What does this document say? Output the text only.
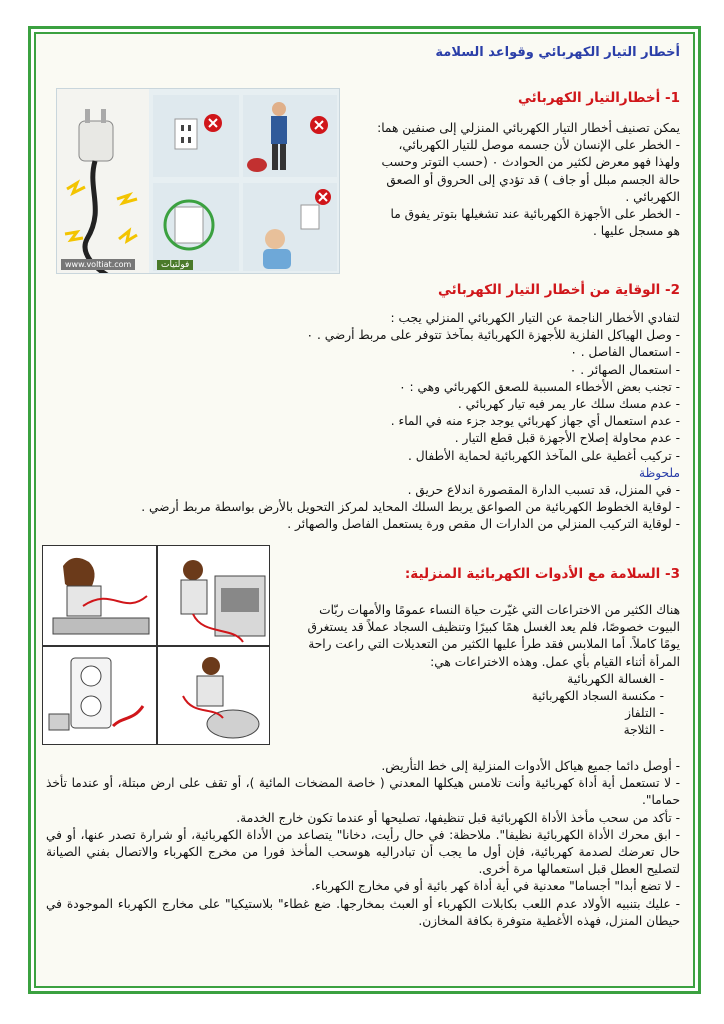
www.voltiat.com	فولتيات
أخطار التيار الكهربائي وقواعد السلامة
1- أخطارالتيار الكهربائي
يمكن تصنيف أخطار التيار الكهربائي المنزلي إلى صنفين هما:
- الخطر على الإنسان لأن جسمه موصل للتيار الكهربائي،
ولهذا فهو معرض لكثير من الحوادث ٠ (حسب التوتر وحسب
حالة الجسم مبلل أو جاف ) قد تؤدي إلى الحروق أو الصعق
الكهربائي .
- الخطر على الأجهزة الكهربائية عند تشغيلها بتوتر يفوق ما
هو مسجل عليها .
2- الوقاية من أخطار التيار الكهربائي
لتفادي الأخطار الناجمة عن التيار الكهربائي المنزلي يجب :
- وصل الهياكل الفلزية للأجهزة الكهربائية بمآخذ تتوفر على مربط أرضي . ٠
- استعمال الفاصل . ٠
- استعمال الصهائر . ٠
- تجنب بعض الأخطاء المسببة للصعق الكهربائي وهي : ٠
- عدم مسك سلك عار يمر فيه تيار كهربائي .
- عدم استعمال أي جهاز كهربائي يوجد جزء منه في الماء .
- عدم محاولة إصلاح الأجهزة قبل قطع التيار .
- تركيب أغطية على المآخذ الكهربائية لحماية الأطفال .
ملحوظة
- في المنزل، قد تسبب الدارة المقصورة اندلاع حريق .
- لوقاية الخطوط الكهربائية من الصواعق يربط السلك المحايد لمركز التحويل بالأرض بواسطة مربط أرضي .
- لوقاية التركيب المنزلي من الدارات ال مقص ورة يستعمل الفاصل والصهائر .
3- السلامة مع الأدوات الكهربائية المنزلية:
هناك الكثير من الاختراعات التي غيّرت حياة النساء عمومًا والأمهات ربّات
البيوت خصوصًا، فلم يعد الغسل همًا كبيرًا وتنظيف السجاد عملاً قد يستغرق
يومًا كاملاً. أما الملابس فقد طرأ عليها الكثير من التعديلات التي راعت راحة
المرأة أثناء القيام بأي عمل. وهذه الاختراعات هي:
- الغسالة الكهربائية
- مكنسة السجاد الكهربائية
- التلفاز
- الثلاجة
- أوصل دائما جميع هياكل الأدوات المنزلية إلى خط التأريض.
- لا تستعمل أية أداة كهربائية وأنت تلامس هيكلها المعدني ( خاصة المضخات المائية )، أو تقف على ارض مبتلة، أو عندما تأخذ حماما".
- تأكد من سحب مأخذ الأداة الكهربائية قبل تنظيفها، تصليحها أو عندما تكون خارج الخدمة.
- ابق محرك الأداة الكهربائية نظيفا". ملاحظة: في حال رأيت، دخانا" يتصاعد من الأداة الكهربائية، أو شرارة تصدر عنها، أو في حال تعرضك لصدمة كهربائية، فإن أول ما يجب أن تبادراليه هوسحب المأخذ فورا من مخرج الكهرباء والاتصال بفني الصيانة لتصليح العطل قبل استعمالها مرة أخرى.
- لا تضع أبدا" أجساما" معدنية في أية أداة كهر بائية أو في مخارج الكهرباء.
- عليك بتنبيه الأولاد عدم اللعب بكابلات الكهرباء أو العبث بمخارجها. ضع غطاء" بلاستيكيا" على مخارج الكهرباء الموجودة في حيطان المنزل، فهذه الأغطية متوفرة بكافة المخازن.
